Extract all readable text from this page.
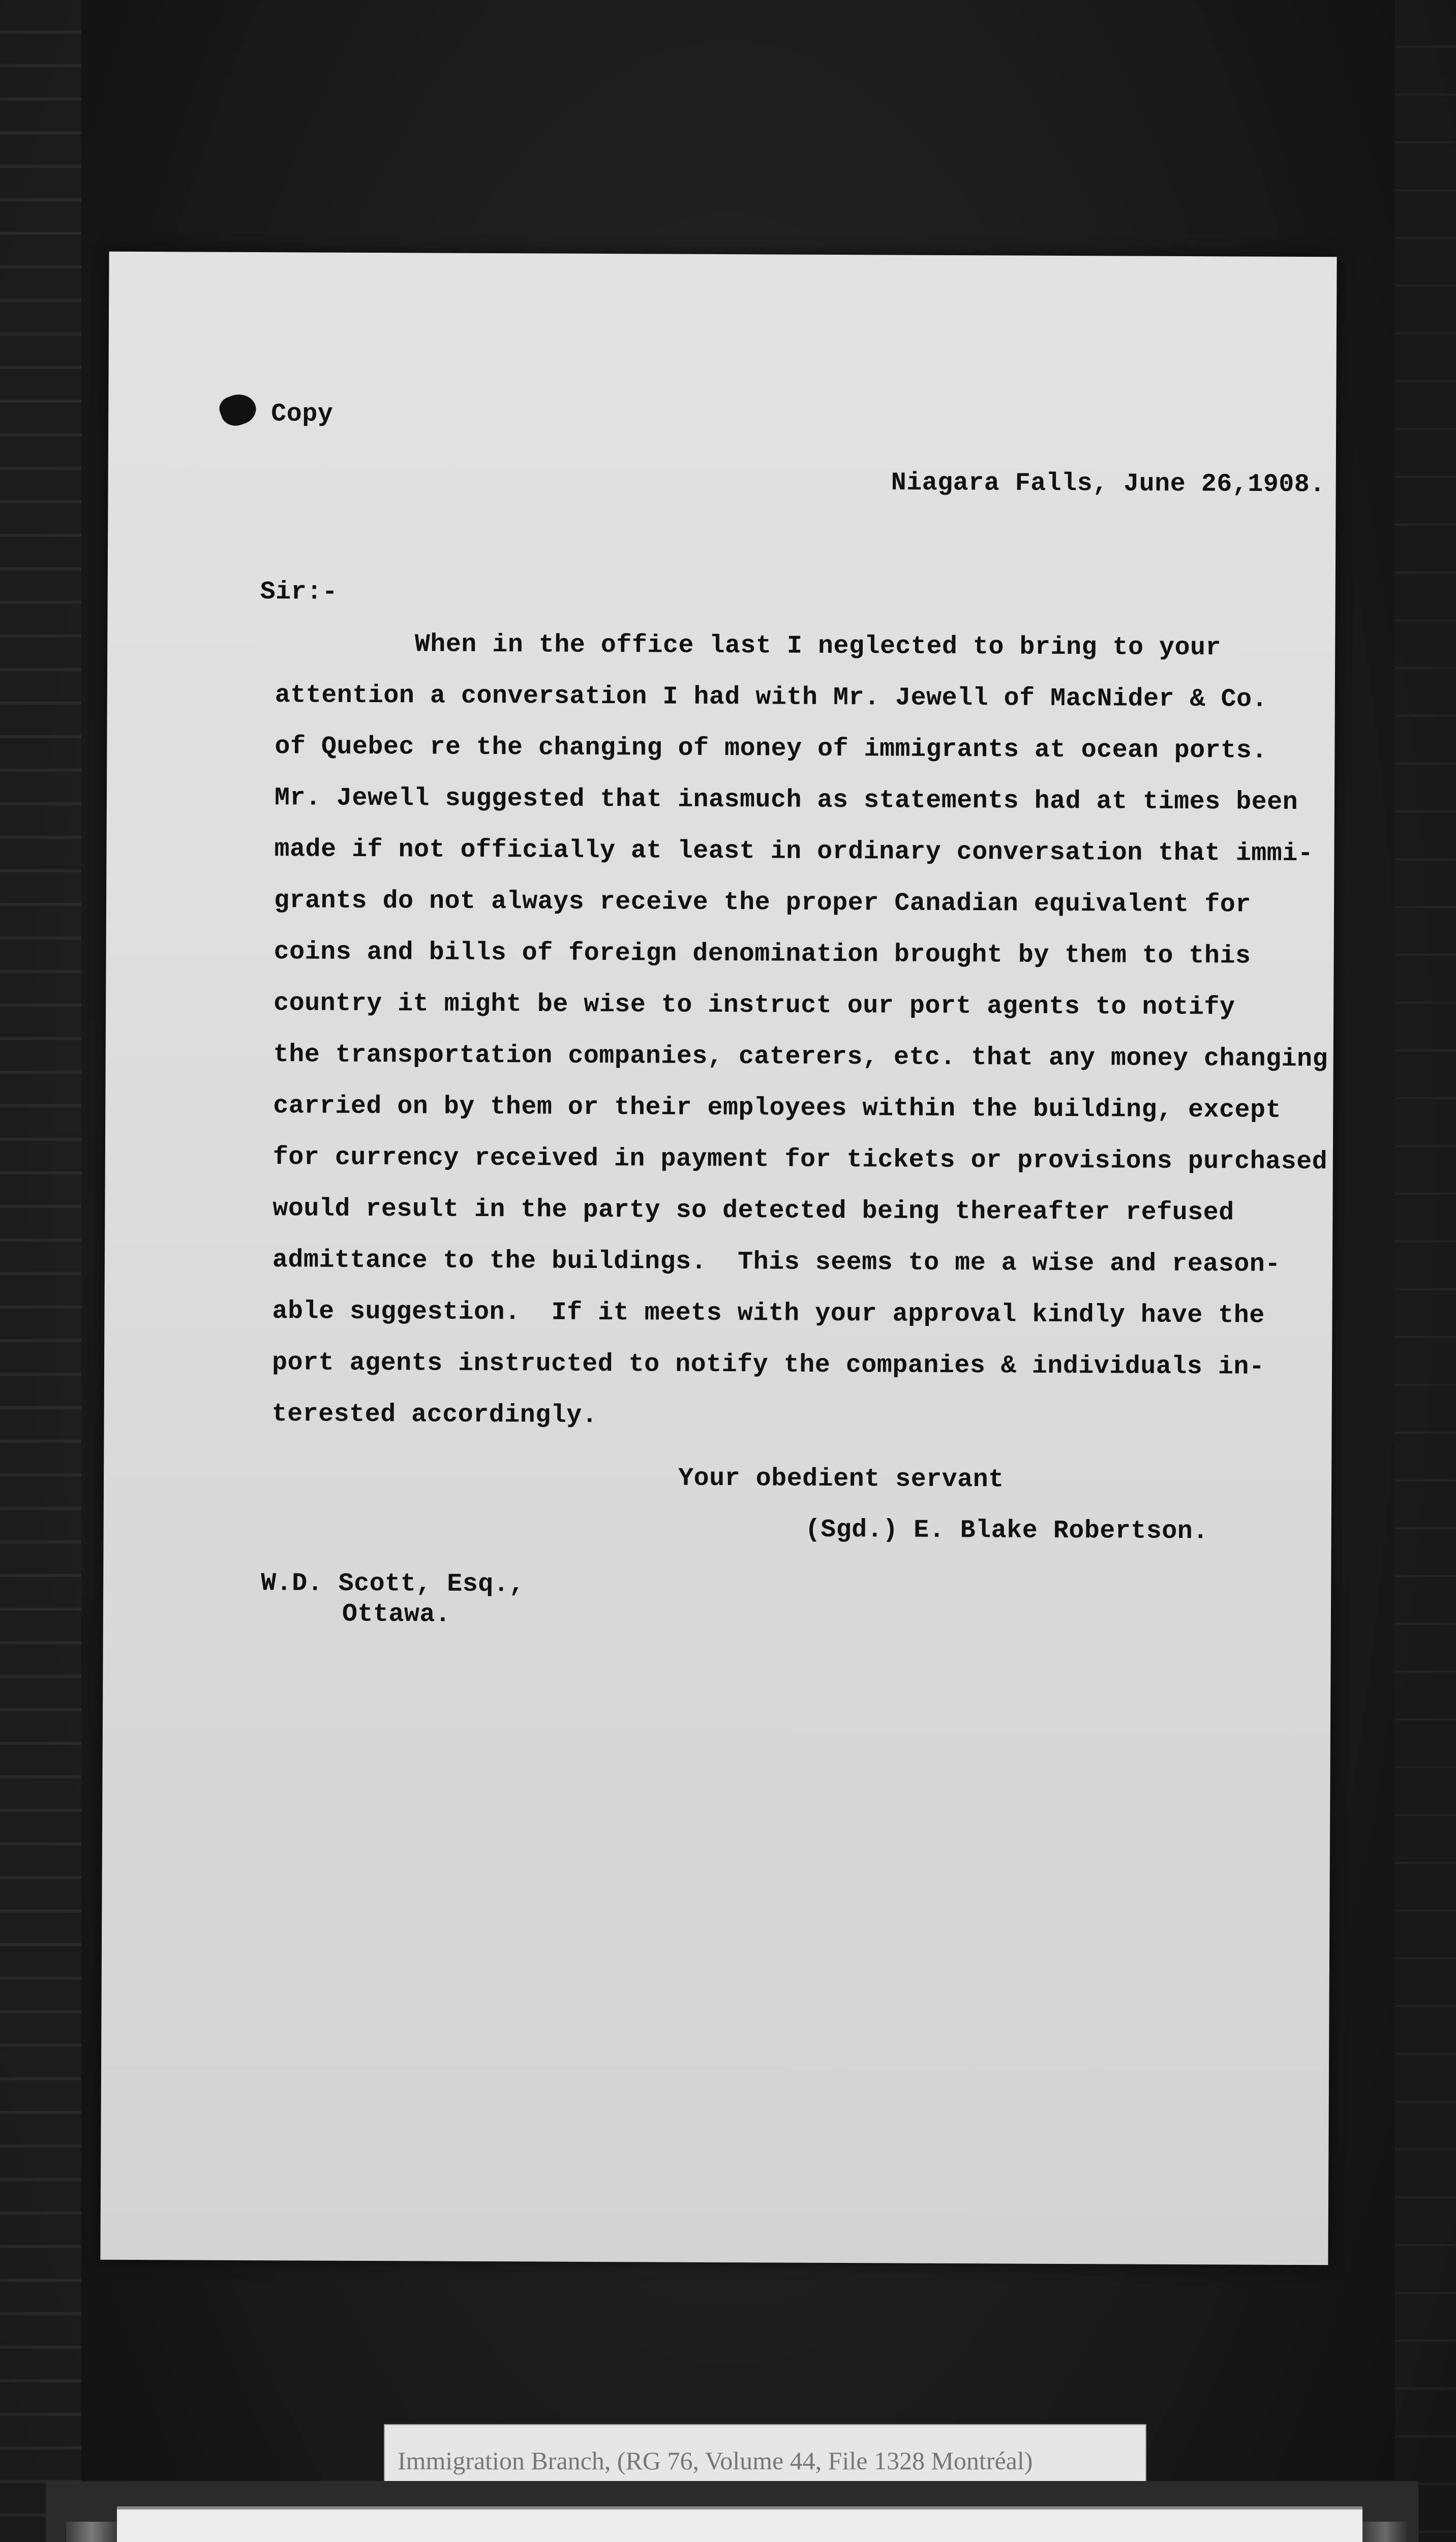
Copy
Niagara Falls, June 26,1908.
Sir:-
When in the office last I neglected to bring to your
attention a conversation I had with Mr. Jewell of MacNider & Co.
of Quebec re the changing of money of immigrants at ocean ports.
Mr. Jewell suggested that inasmuch as statements had at times been
made if not officially at least in ordinary conversation that immi-
grants do not always receive the proper Canadian equivalent for
coins and bills of foreign denomination brought by them to this
country it might be wise to instruct our port agents to notify
the transportation companies, caterers, etc. that any money changing
carried on by them or their employees within the building, except
for currency received in payment for tickets or provisions purchased
would result in the party so detected being thereafter refused
admittance to the buildings.  This seems to me a wise and reason-
able suggestion.  If it meets with your approval kindly have the
port agents instructed to notify the companies & individuals in-
terested accordingly.
Your obedient servant
(Sgd.) E. Blake Robertson.
W.D. Scott, Esq.,
Ottawa.
Immigration Branch, (RG 76, Volume 44, File 1328 Montréal)
